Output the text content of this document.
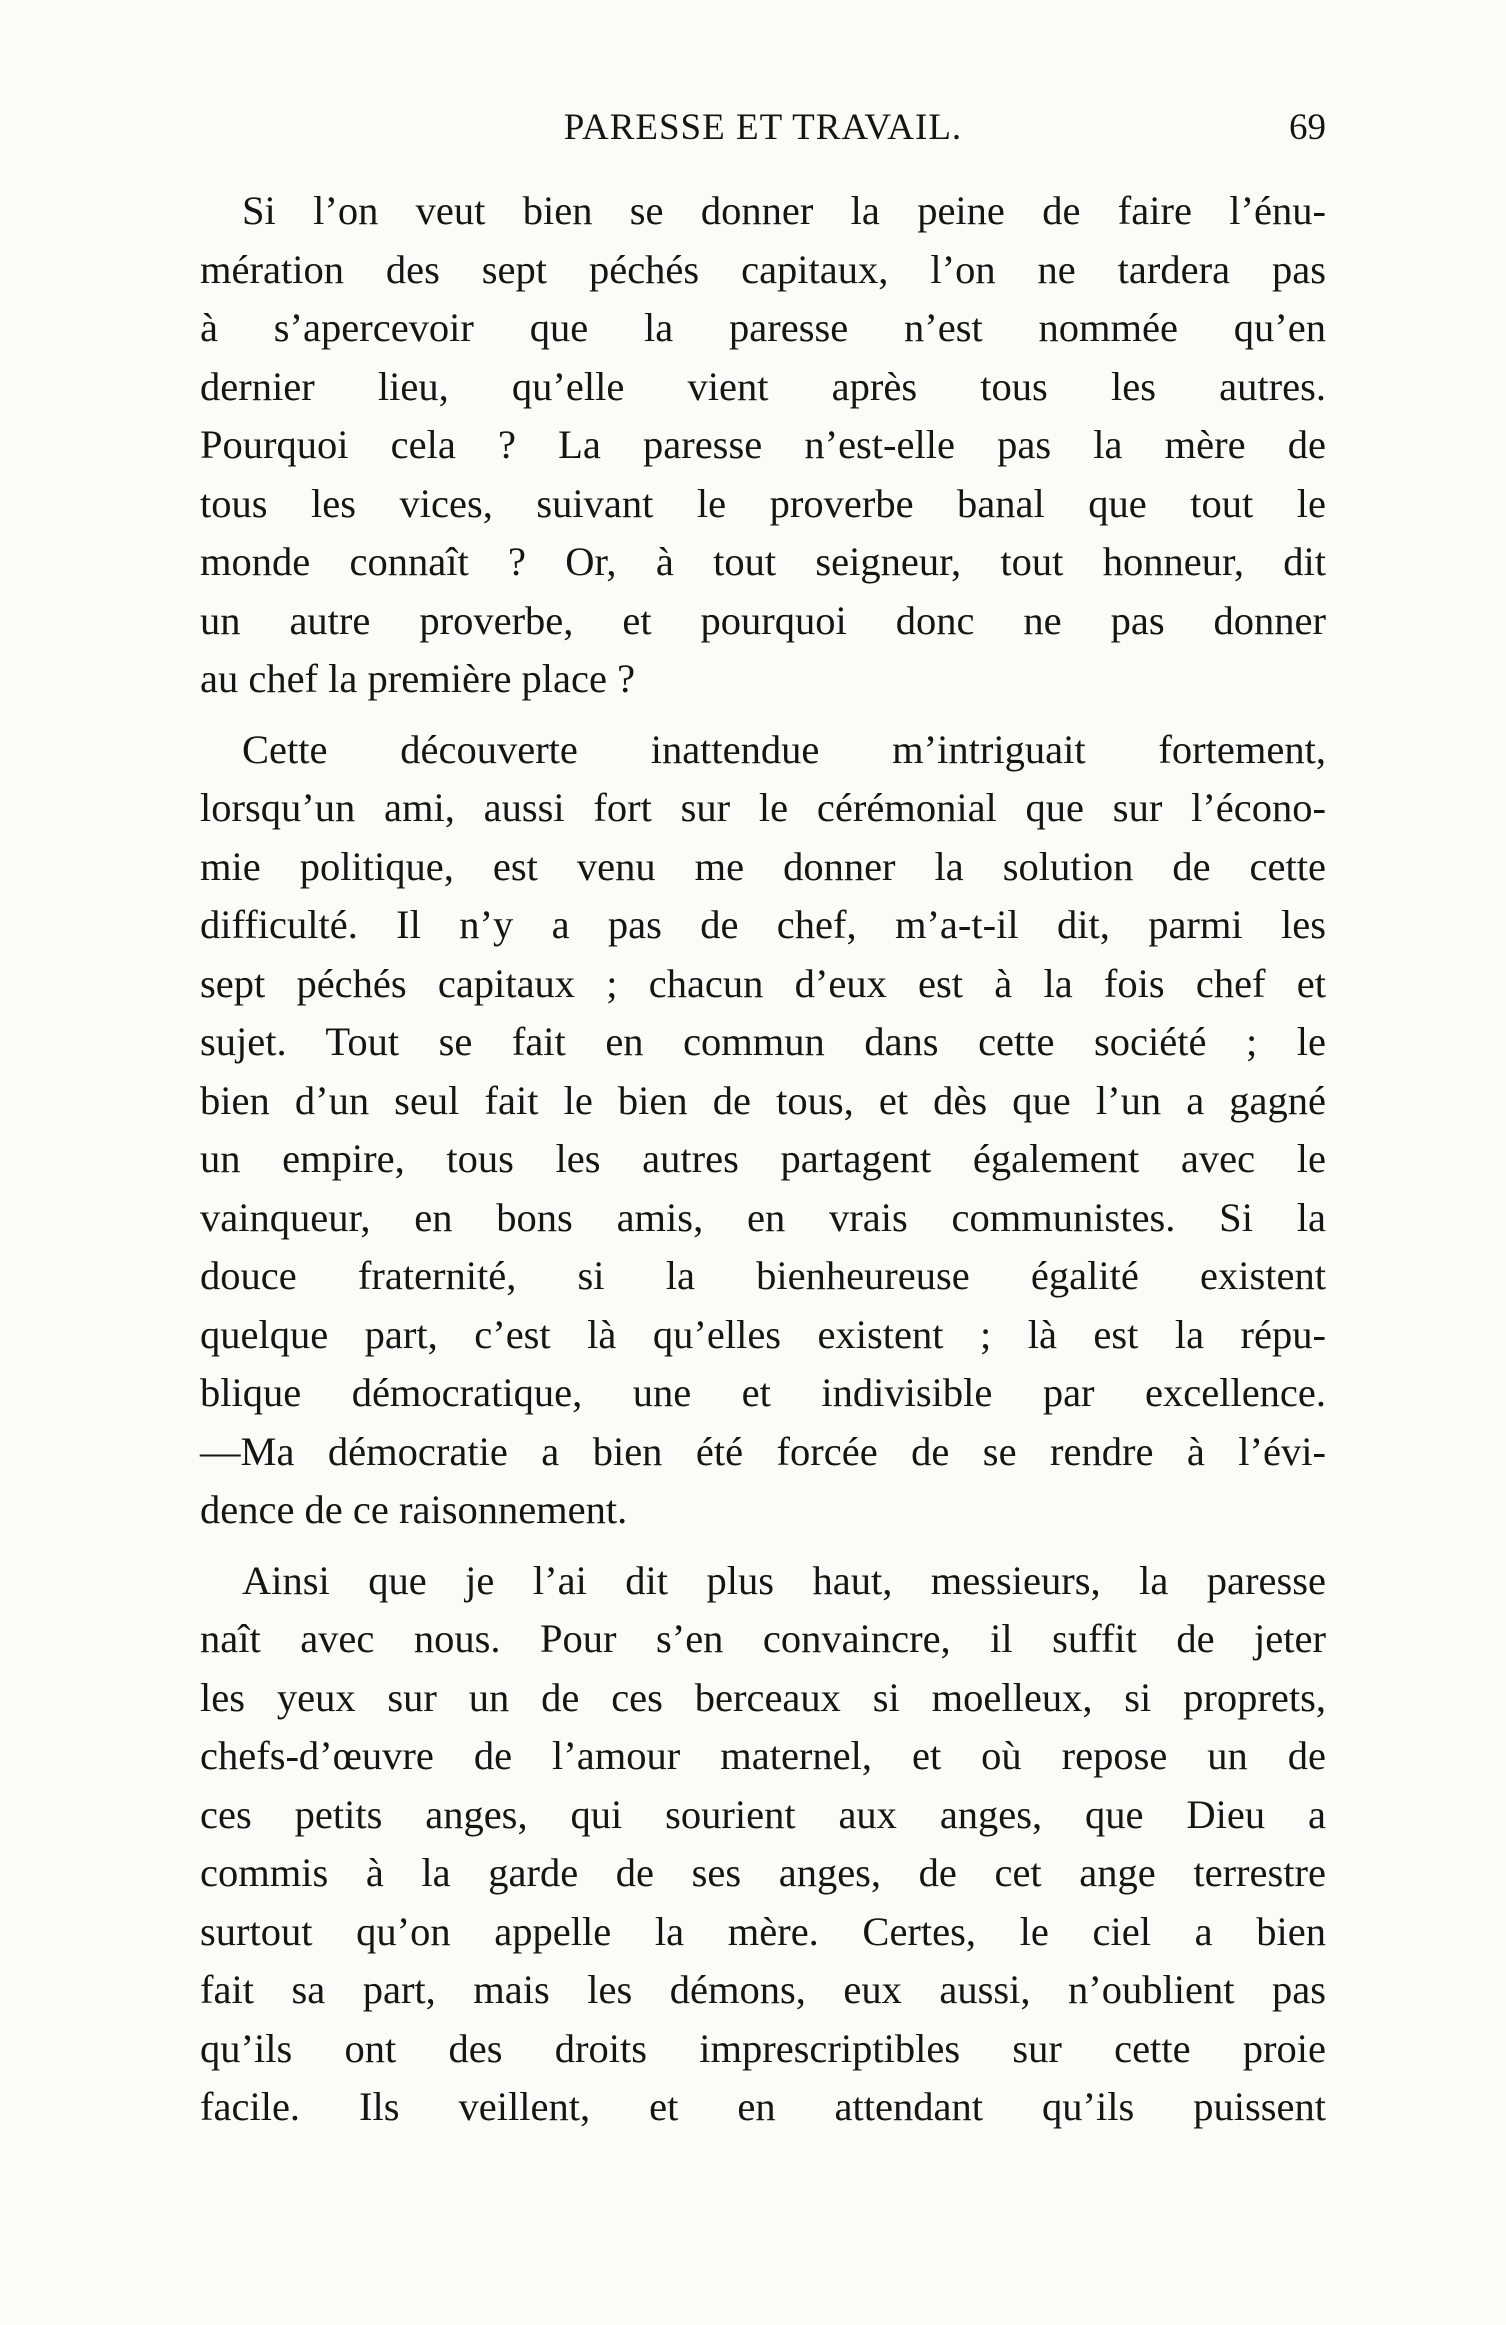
PARESSE ET TRAVAIL.	69
Si l’on veut bien se donner la peine de faire l’énu-
mération des sept péchés capitaux, l’on ne tardera pas
à s’apercevoir que la paresse n’est nommée qu’en
dernier lieu, qu’elle vient après tous les autres.
Pourquoi cela ? La paresse n’est-elle pas la mère de
tous les vices, suivant le proverbe banal que tout le
monde connaît ? Or, à tout seigneur, tout honneur, dit
un autre proverbe, et pourquoi donc ne pas donner
au chef la première place ?
Cette découverte inattendue m’intriguait fortement,
lorsqu’un ami, aussi fort sur le cérémonial que sur l’écono-
mie politique, est venu me donner la solution de cette
difficulté. Il n’y a pas de chef, m’a-t-il dit, parmi les
sept péchés capitaux ; chacun d’eux est à la fois chef et
sujet. Tout se fait en commun dans cette société ; le
bien d’un seul fait le bien de tous, et dès que l’un a gagné
un empire, tous les autres partagent également avec le
vainqueur, en bons amis, en vrais communistes. Si la
douce fraternité, si la bienheureuse égalité existent
quelque part, c’est là qu’elles existent ; là est la répu-
blique démocratique, une et indivisible par excellence.
—Ma démocratie a bien été forcée de se rendre à l’évi-
dence de ce raisonnement.
Ainsi que je l’ai dit plus haut, messieurs, la paresse
naît avec nous. Pour s’en convaincre, il suffit de jeter
les yeux sur un de ces berceaux si moelleux, si proprets,
chefs-d’œuvre de l’amour maternel, et où repose un de
ces petits anges, qui sourient aux anges, que Dieu a
commis à la garde de ses anges, de cet ange terrestre
surtout qu’on appelle la mère. Certes, le ciel a bien
fait sa part, mais les démons, eux aussi, n’oublient pas
qu’ils ont des droits imprescriptibles sur cette proie
facile. Ils veillent, et en attendant qu’ils puissent
